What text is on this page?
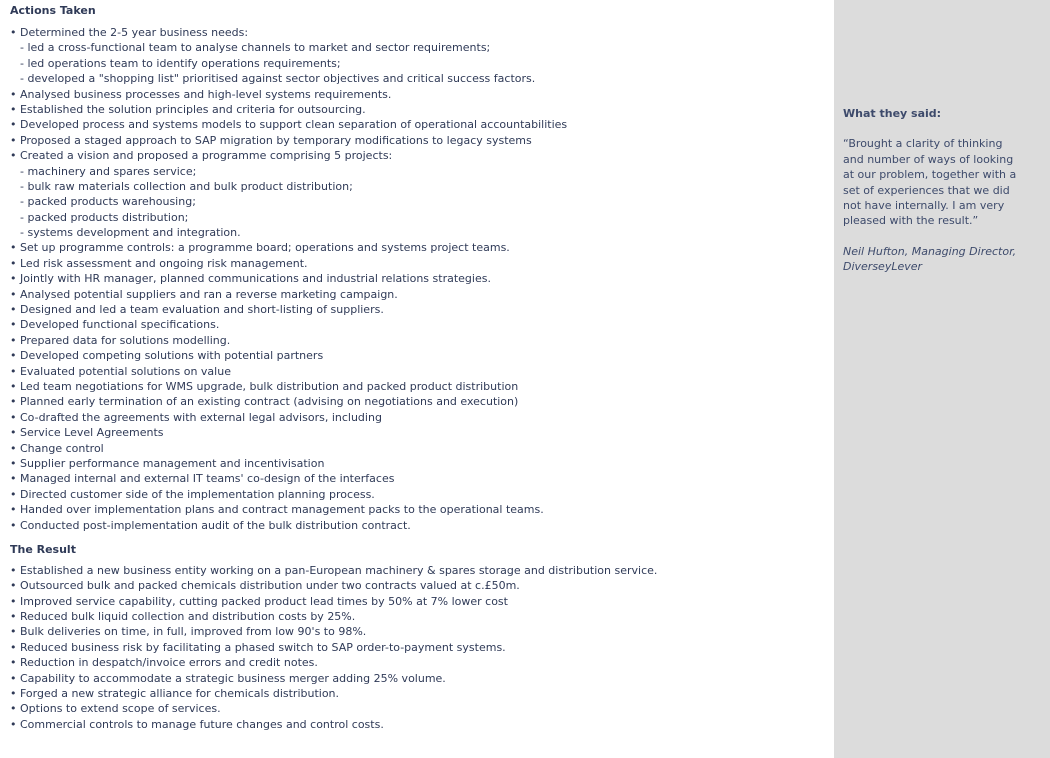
Actions Taken
• Determined the 2-5 year business needs:
- led a cross-functional team to analyse channels to market and sector requirements;
- led operations team to identify operations requirements;
- developed a "shopping list" prioritised against sector objectives and critical success factors.
• Analysed business processes and high-level systems requirements.
• Established the solution principles and criteria for outsourcing.
• Developed process and systems models to support clean separation of operational accountabilities
• Proposed a staged approach to SAP migration by temporary modifications to legacy systems
• Created a vision and proposed a programme comprising 5 projects:
- machinery and spares service;
- bulk raw materials collection and bulk product distribution;
- packed products warehousing;
- packed products distribution;
- systems development and integration.
• Set up programme controls: a programme board; operations and systems project teams.
• Led risk assessment and ongoing risk management.
• Jointly with HR manager, planned communications and industrial relations strategies.
• Analysed potential suppliers and ran a reverse marketing campaign.
• Designed and led a team evaluation and short-listing of suppliers.
• Developed functional specifications.
• Prepared data for solutions modelling.
• Developed competing solutions with potential partners
• Evaluated potential solutions on value
• Led team negotiations for WMS upgrade, bulk distribution and packed product distribution
• Planned early termination of an existing contract (advising on negotiations and execution)
• Co-drafted the agreements with external legal advisors, including
• Service Level Agreements
• Change control
• Supplier performance management and incentivisation
• Managed internal and external IT teams' co-design of the interfaces
• Directed customer side of the implementation planning process.
• Handed over implementation plans and contract management packs to the operational teams.
• Conducted post-implementation audit of the bulk distribution contract.
The Result
• Established a new business entity working on a pan-European machinery & spares storage and distribution service.
• Outsourced bulk and packed chemicals distribution under two contracts valued at c.£50m.
• Improved service capability, cutting packed product lead times by 50% at 7% lower cost
• Reduced bulk liquid collection and distribution costs by 25%.
• Bulk deliveries on time, in full, improved from low 90's to 98%.
• Reduced business risk by facilitating a phased switch to SAP order-to-payment systems.
• Reduction in despatch/invoice errors and credit notes.
• Capability to accommodate a strategic business merger adding 25% volume.
• Forged a new strategic alliance for chemicals distribution.
• Options to extend scope of services.
• Commercial controls to manage future changes and control costs.

What they said:

“Brought a clarity of thinking and number of ways of looking at our problem, together with a set of experiences that we did not have internally. I am very pleased with the result.”

Neil Hufton, Managing Director, DiverseyLever
